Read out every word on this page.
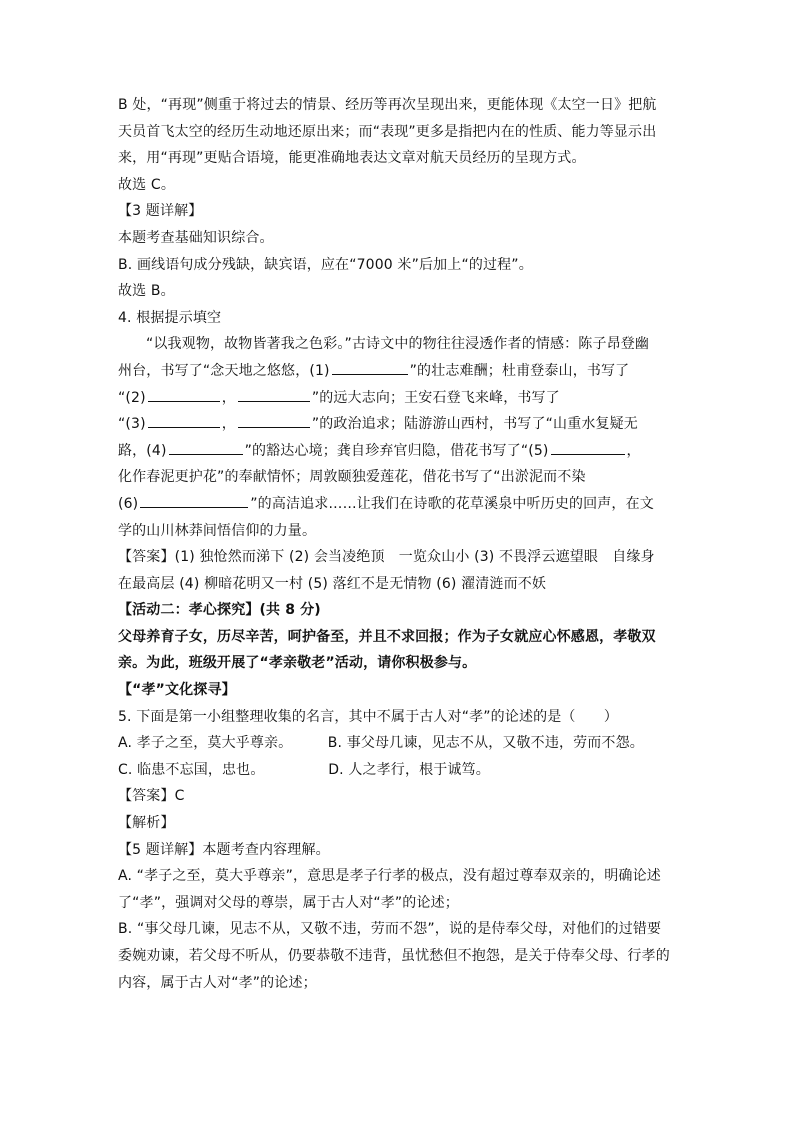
B 处，“再现”侧重于将过去的情景、经历等再次呈现出来，更能体现《太空一日》把航
天员首飞太空的经历生动地还原出来；而“表现”更多是指把内在的性质、能力等显示出
来，用“再现”更贴合语境，能更准确地表达文章对航天员经历的呈现方式。
故选 C。
【3 题详解】
本题考查基础知识综合。
B. 画线语句成分残缺，缺宾语，应在“7000 米”后加上“的过程”。
故选 B。
4. 根据提示填空
“以我观物，故物皆著我之色彩。”古诗文中的物往往浸透作者的情感：陈子昂登幽
州台，书写了“念天地之悠悠，(1)	”的壮志难酬；杜甫登泰山，书写了
“(2)	，	”的远大志向；王安石登飞来峰，书写了
“(3)	，	”的政治追求；陆游游山西村，书写了“山重水复疑无
路，(4)	”的豁达心境；龚自珍弃官归隐，借花书写了“(5)	，
化作春泥更护花”的奉献情怀；周敦颐独爱莲花，借花书写了“出淤泥而不染
(6)	”的高洁追求……让我们在诗歌的花草溪泉中听历史的回声，在文
学的山川林莽间悟信仰的力量。
【答案】(1) 独怆然而涕下 (2) 会当凌绝顶　一览众山小 (3) 不畏浮云遮望眼　自缘身
在最高层 (4) 柳暗花明又一村 (5) 落红不是无情物 (6) 濯清涟而不妖
【活动二：孝心探究】(共 8 分)
父母养育子女，历尽辛苦，呵护备至，并且不求回报；作为子女就应心怀感恩，孝敬双
亲。为此，班级开展了“孝亲敬老”活动，请你积极参与。
【“孝”文化探寻】
5. 下面是第一小组整理收集的名言，其中不属于古人对“孝”的论述的是（　　）
A. 孝子之至，莫大乎尊亲。　　　B. 事父母几谏，见志不从，又敬不违，劳而不怨。
C. 临患不忘国，忠也。　　　　　D. 人之孝行，根于诚笃。
【答案】C
【解析】
【5 题详解】本题考查内容理解。
A. “孝子之至，莫大乎尊亲”，意思是孝子行孝的极点，没有超过尊奉双亲的，明确论述
了“孝”，强调对父母的尊崇，属于古人对“孝”的论述；
B. “事父母几谏，见志不从，又敬不违，劳而不怨”，说的是侍奉父母，对他们的过错要
委婉劝谏，若父母不听从，仍要恭敬不违背，虽忧愁但不抱怨，是关于侍奉父母、行孝的
内容，属于古人对“孝”的论述；
